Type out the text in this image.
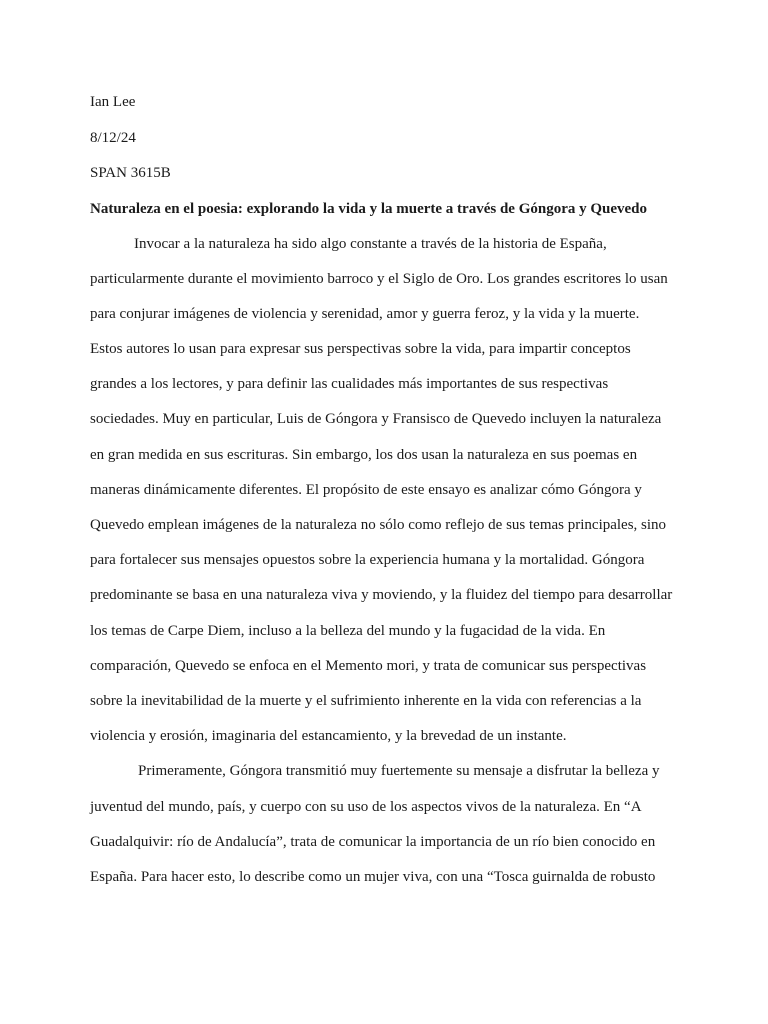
Ian Lee

8/12/24

SPAN 3615B

Naturaleza en el poesia: explorando la vida y la muerte a través de Góngora y Quevedo

Invocar a la naturaleza ha sido algo constante a través de la historia de España,

particularmente durante el movimiento barroco y el Siglo de Oro. Los grandes escritores lo usan

para conjurar imágenes de violencia y serenidad, amor y guerra feroz, y la vida y la muerte.

Estos autores lo usan para expresar sus perspectivas sobre la vida, para impartir conceptos

grandes a los lectores, y para definir las cualidades más importantes de sus respectivas

sociedades. Muy en particular, Luis de Góngora y Fransisco de Quevedo incluyen la naturaleza

en gran medida en sus escrituras. Sin embargo, los dos usan la naturaleza en sus poemas en

maneras dinámicamente diferentes. El propósito de este ensayo es analizar cómo Góngora y

Quevedo emplean imágenes de la naturaleza no sólo como reflejo de sus temas principales, sino

para fortalecer sus mensajes opuestos sobre la experiencia humana y la mortalidad. Góngora

predominante se basa en una naturaleza viva y moviendo, y la fluidez del tiempo para desarrollar

los temas de Carpe Diem, incluso a la belleza del mundo y la fugacidad de la vida. En

comparación, Quevedo se enfoca en el Memento mori, y trata de comunicar sus perspectivas

sobre la inevitabilidad de la muerte y el sufrimiento inherente en la vida con referencias a la

violencia y erosión, imaginaria del estancamiento, y la brevedad de un instante.

Primeramente, Góngora transmitió muy fuertemente su mensaje a disfrutar la belleza y

juventud del mundo, país, y cuerpo con su uso de los aspectos vivos de la naturaleza. En “A

Guadalquivir: río de Andalucía”, trata de comunicar la importancia de un río bien conocido en

España. Para hacer esto, lo describe como un mujer viva, con una “Tosca guirnalda de robusto
